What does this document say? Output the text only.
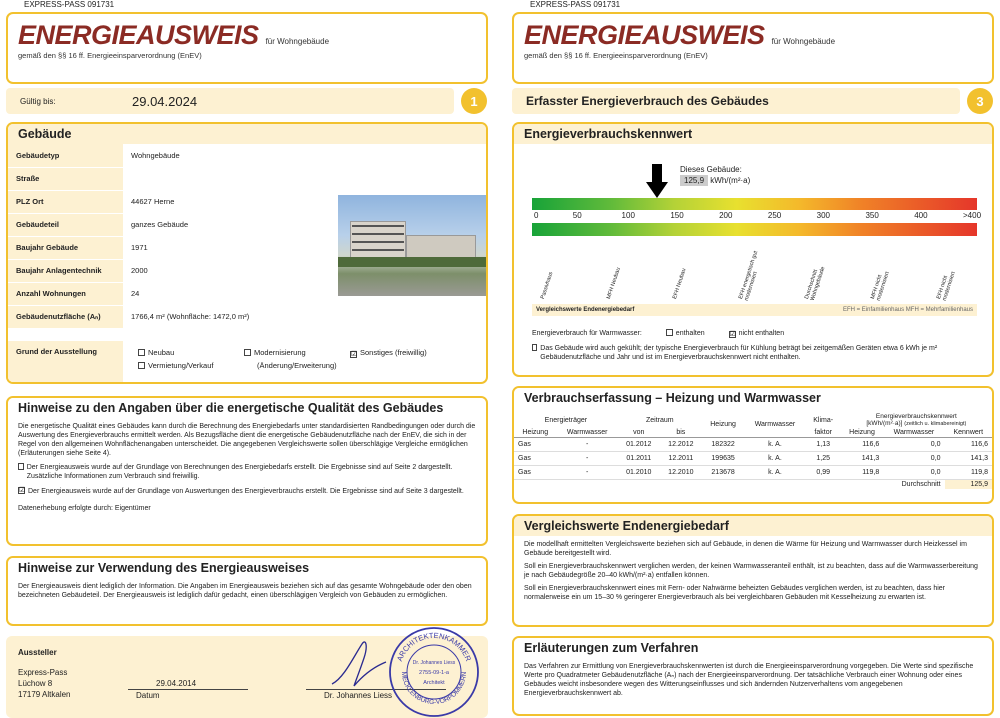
EXPRESS-PASS 091731
ENERGIEAUSWEIS für Wohngebäude
gemäß den §§ 16 ff. Energieeinsparverordnung (EnEV)
Gültig bis:	29.04.2024	1
Gebäude
Gebäudetyp	Wohngebäude
Straße	
PLZ Ort	44627 Herne
Gebäudeteil	ganzes Gebäude
Baujahr Gebäude	1971
Baujahr Anlagentechnik	2000
Anzahl Wohnungen	24
Gebäudenutzfläche (Aₙ)	1766,4 m² (Wohnfläche: 1472,0 m²)
Grund der Ausstellung	Neubau	Modernisierung	☑ Sonstiges (freiwillig)
Vermietung/Verkauf	(Änderung/Erweiterung)
Hinweise zu den Angaben über die energetische Qualität des Gebäudes
Die energetische Qualität eines Gebäudes kann durch die Berechnung des Energiebedarfs unter standardisierten Randbedingungen oder durch die Auswertung des Energieverbrauchs ermittelt werden. Als Bezugsfläche dient die energetische Gebäudenutzfläche nach der EnEV, die sich in der Regel von den allgemeinen Wohnflächenangaben unterscheidet. Die angegebenen Vergleichswerte sollen überschlägige Vergleiche ermöglichen (Erläuterungen siehe Seite 4).
Der Energieausweis wurde auf der Grundlage von Berechnungen des Energiebedarfs erstellt. Die Ergebnisse sind auf Seite 2 dargestellt. Zusätzliche Informationen zum Verbrauch sind freiwillig.
☑ Der Energieausweis wurde auf der Grundlage von Auswertungen des Energieverbrauchs erstellt. Die Ergebnisse sind auf Seite 3 dargestellt.
Datenerhebung erfolgte durch: Eigentümer
Hinweise zur Verwendung des Energieausweises
Der Energieausweis dient lediglich der Information. Die Angaben im Energieausweis beziehen sich auf das gesamte Wohngebäude oder den oben bezeichneten Gebäudeteil. Der Energieausweis ist lediglich dafür gedacht, einen überschlägigen Vergleich von Gebäuden zu ermöglichen.
Aussteller
Express-Pass
Lüchow 8
17179 Altkalen
29.04.2014
Datum	Dr. Johannes Liess
ARCHITEKTENKAMMER
MECKLENBURG-VORPOMMERN
Dr. Johannes Liess
2755-09-1-a
Architekt
EXPRESS-PASS 091731
ENERGIEAUSWEIS für Wohngebäude
gemäß den §§ 16 ff. Energieeinsparverordnung (EnEV)
Erfasster Energieverbrauch des Gebäudes	3
Energieverbrauchskennwert
Dieses Gebäude:
125,9 kWh/(m²·a)
0	50	100	150	200	250	300	350	400	>400
Passivhaus	MFH Neubau	EFH Neubau	EFH energetisch gut modernisiert	Durchschnitt Wohngebäude	MFH nicht modernisiert	EFH nicht modernisiert
Vergleichswerte Endenergiebedarf	EFH = Einfamilienhaus MFH = Mehrfamilienhaus
Energieverbrauch für Warmwasser:	enthalten	☑ nicht enthalten
Das Gebäude wird auch gekühlt; der typische Energieverbrauch für Kühlung beträgt bei zeitgemäßen Geräten etwa 6 kWh je m² Gebäudenutzfläche und Jahr und ist im Energieverbrauchskennwert nicht enthalten.
Verbrauchserfassung – Heizung und Warmwasser
Energieträger		Zeitraum		Heizung	Warmwasser	Klima-	Energieverbrauchskennwert
[kWh/(m²·a)] (zeitlich u. klimabereinigt)		
Heizung	Warmwasser	von	bis			faktor	Heizung	Warmwasser	Kennwert
Gas	-	01.2012	12.2012	182322	k. A.	1,13	116,6	0,0	116,6
Gas	-	01.2011	12.2011	199635	k. A.	1,25	141,3	0,0	141,3
Gas	-	01.2010	12.2010	213678	k. A.	0,99	119,8	0,0	119,8
Durchschnitt									125,9
Vergleichswerte Endenergiebedarf
Die modellhaft ermittelten Vergleichswerte beziehen sich auf Gebäude, in denen die Wärme für Heizung und Warmwasser durch Heizkessel im Gebäude bereitgestellt wird.
Soll ein Energieverbrauchskennwert verglichen werden, der keinen Warmwasseranteil enthält, ist zu beachten, dass auf die Warmwasserbereitung je nach Gebäudegröße 20–40 kWh/(m²·a) entfallen können.
Soll ein Energieverbrauchskennwert eines mit Fern- oder Nahwärme beheizten Gebäudes verglichen werden, ist zu beachten, dass hier normalerweise ein um 15–30 % geringerer Energieverbrauch als bei vergleichbaren Gebäuden mit Kesselheizung zu erwarten ist.
Erläuterungen zum Verfahren
Das Verfahren zur Ermittlung von Energieverbrauchskennwerten ist durch die Energieeinsparverordnung vorgegeben. Die Werte sind spezifische Werte pro Quadratmeter Gebäudenutzfläche (Aₙ) nach der Energieeinsparverordnung. Der tatsächliche Verbrauch einer Wohnung oder eines Gebäudes weicht insbesondere wegen des Witterungseinflusses und sich ändernden Nutzerverhaltens vom angegebenen Energieverbrauchskennwert ab.
